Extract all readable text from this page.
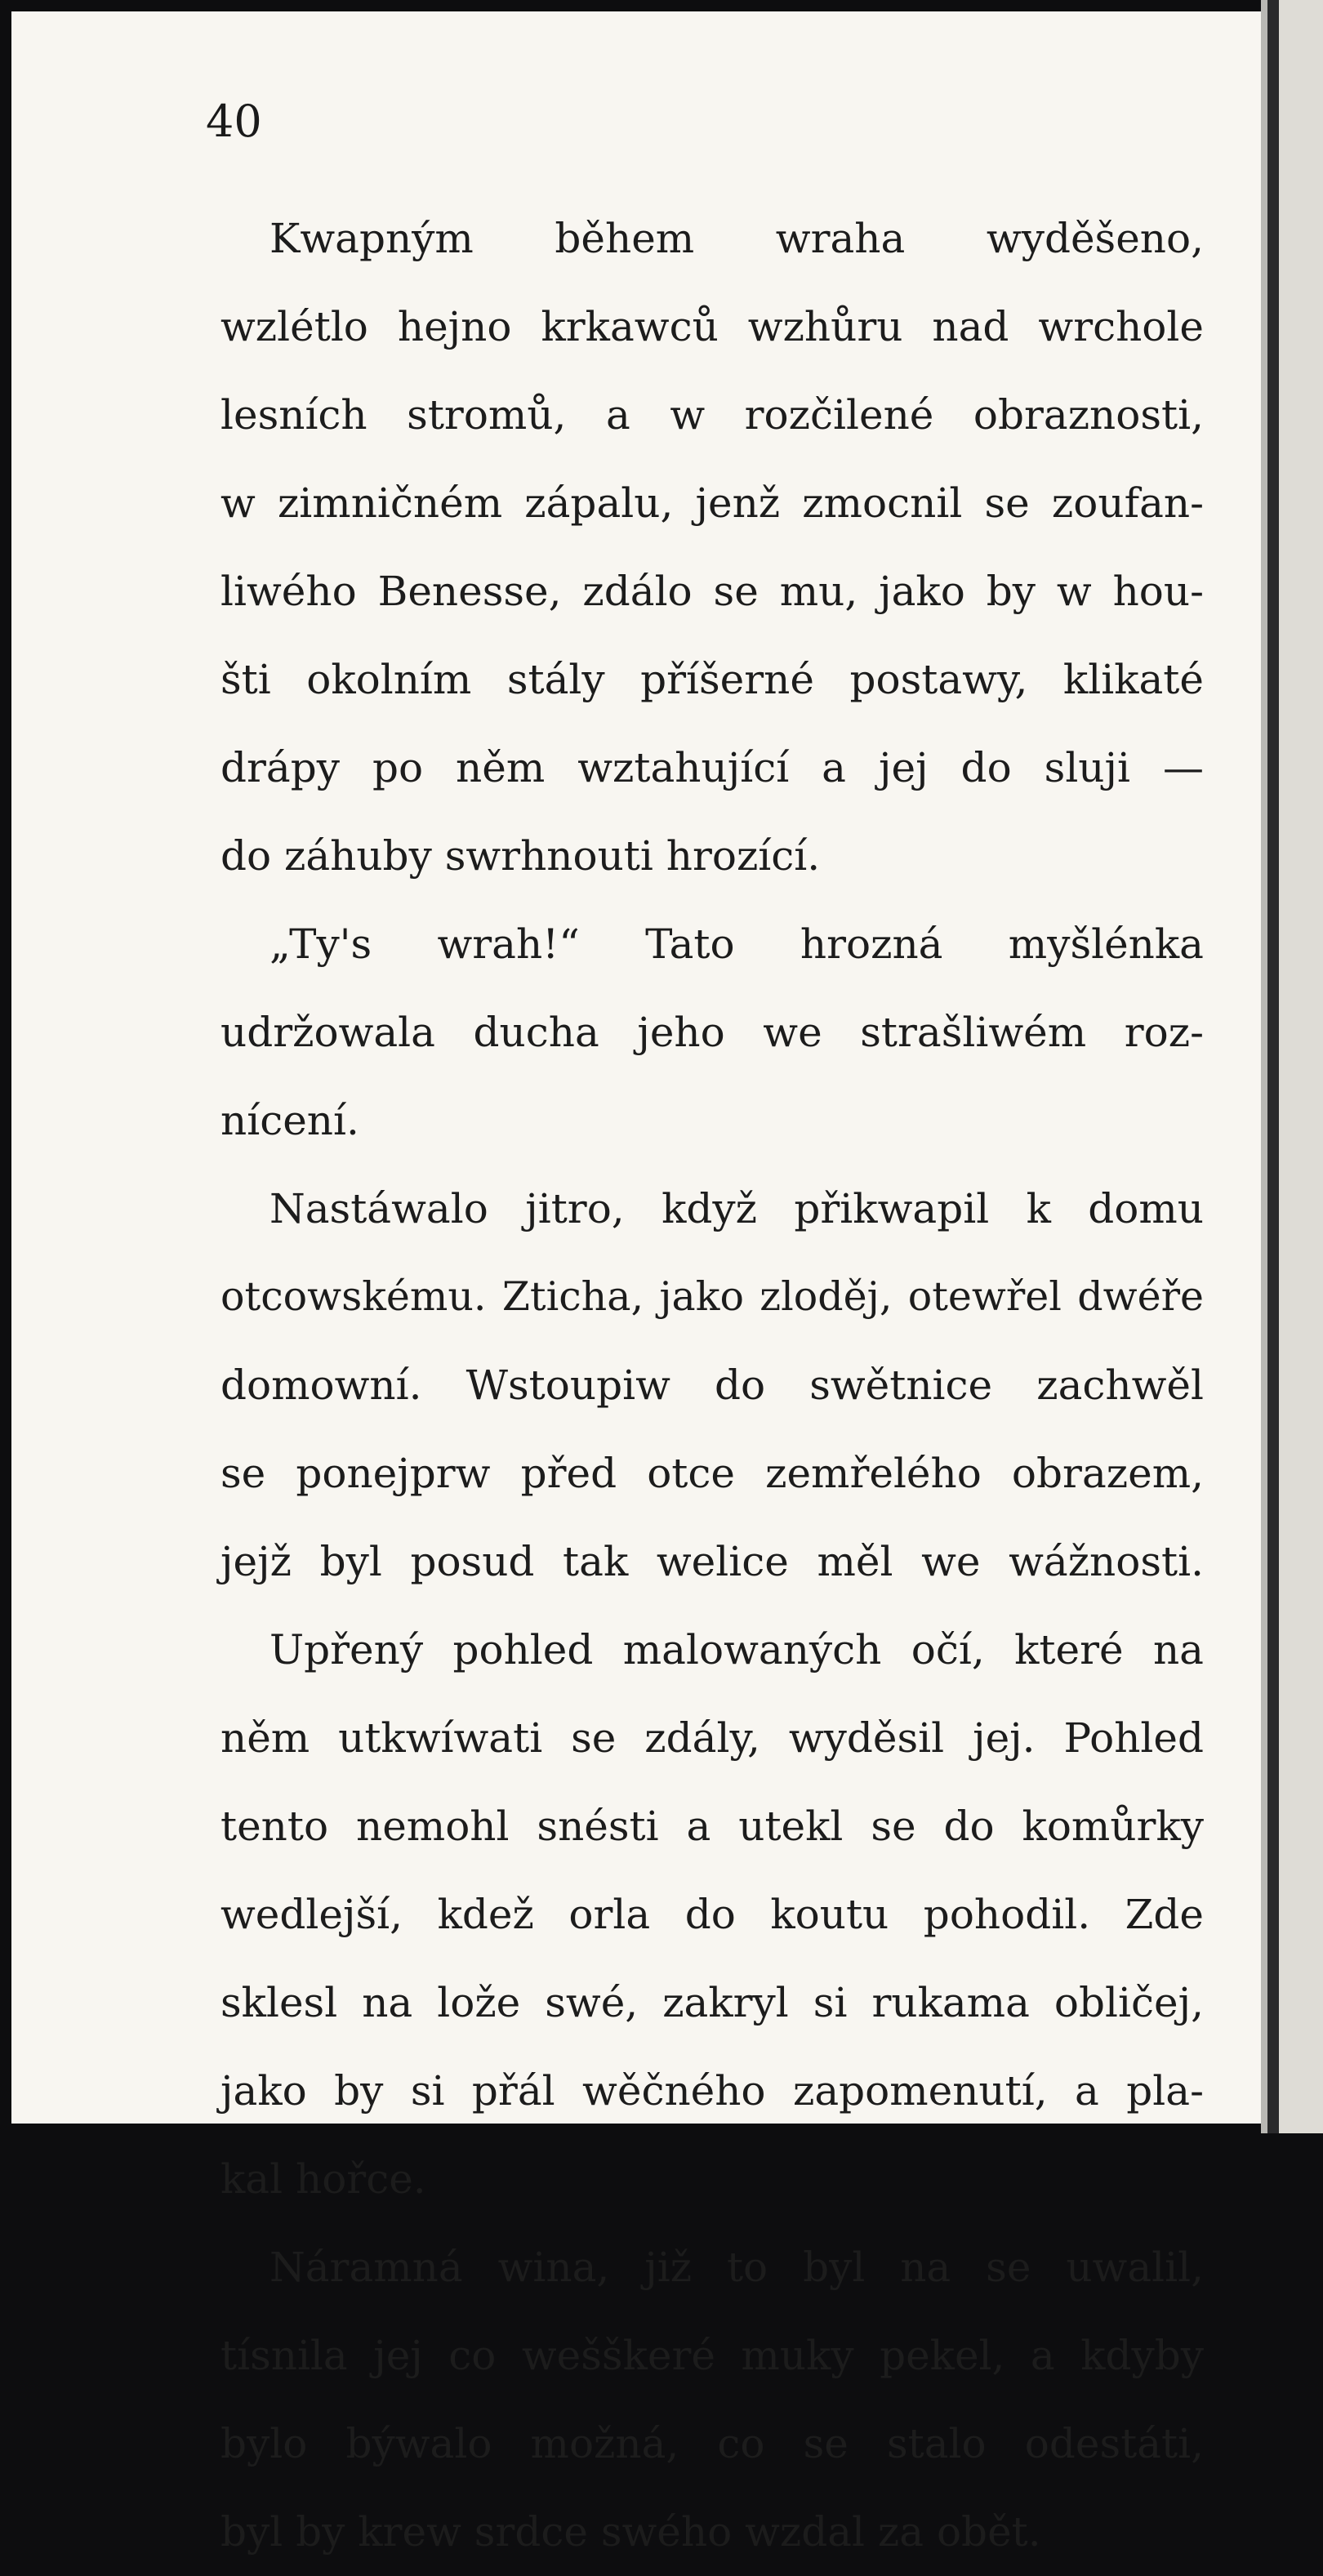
40
Kwapným během wraha wyděšeno,
wzlétlo hejno krkawců wzhůru nad wrchole
lesních stromů, a w rozčilené obraznosti,
w zimničném zápalu, jenž zmocnil se zoufan-
liwého Benesse, zdálo se mu, jako by w hou-
šti okolním stály příšerné postawy, klikaté
drápy po něm wztahující a jej do sluji —
do záhuby swrhnouti hrozící.
„Ty's wrah!“ Tato hrozná myšlénka
udržowala ducha jeho we strašliwém roz-
nícení.
Nastáwalo jitro, když přikwapil k domu
otcowskému. Zticha, jako zloděj, otewřel dwéře
domowní. Wstoupiw do swětnice zachwěl
se ponejprw před otce zemřelého obrazem,
jejž byl posud tak welice měl we wážnosti.
Upřený pohled malowaných očí, které na
něm utkwíwati se zdály, wyděsil jej. Pohled
tento nemohl snésti a utekl se do komůrky
wedlejší, kdež orla do koutu pohodil. Zde
sklesl na lože swé, zakryl si rukama obličej,
jako by si přál wěčného zapomenutí, a pla-
kal hořce.
Náramná wina, již to byl na se uwalil,
tísnila jej co wešškeré muky pekel, a kdyby
bylo býwalo možná, co se stalo odestáti,
byl by krew srdce swého wzdal za obět.
